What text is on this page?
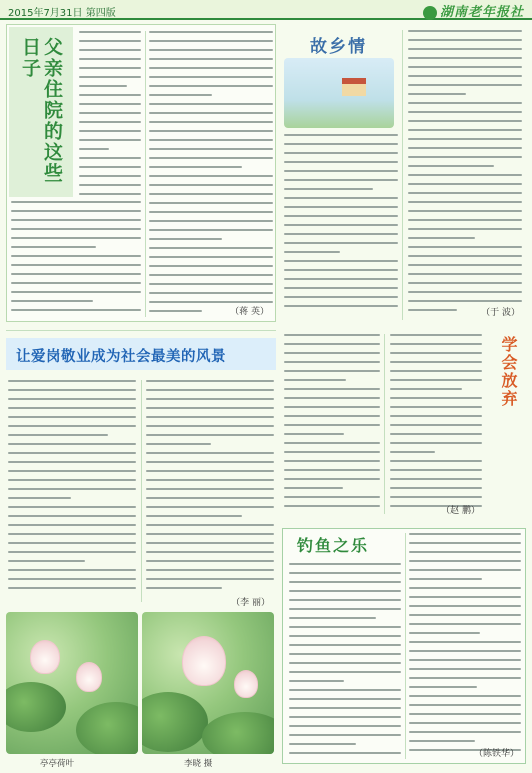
2015年7月31日 第四版	湖南老年报社
父亲住院的这些日子
（蒋 英）
故乡情
（于 波）
学会放弃
（赵 鹏）
让爱岗敬业成为社会最美的风景
（李 丽）
亭亭荷叶	李晓 摄
钓鱼之乐
（陈铁华）
